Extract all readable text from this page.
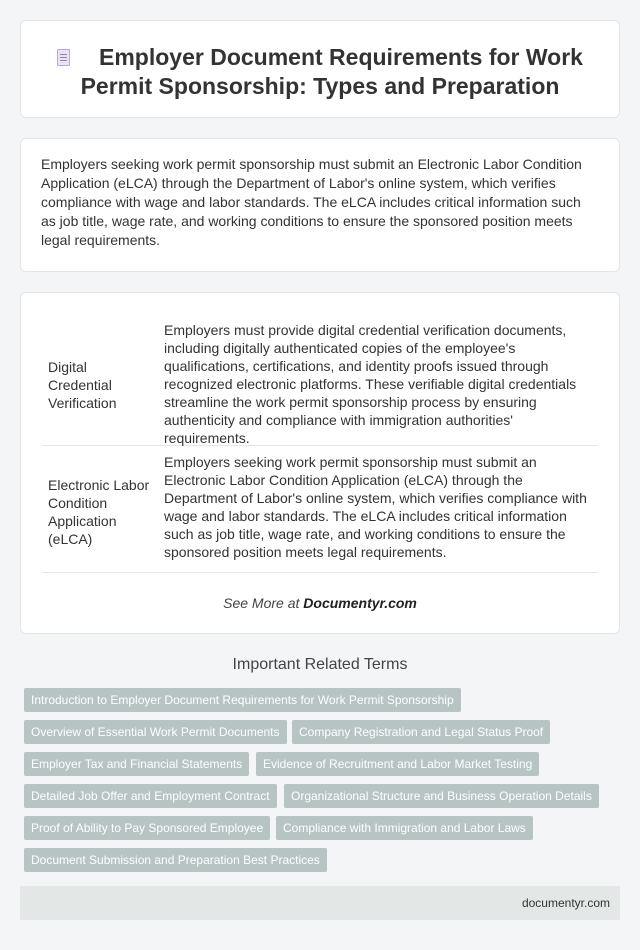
Employer Document Requirements for Work Permit Sponsorship: Types and Preparation

Employers seeking work permit sponsorship must submit an Electronic Labor Condition Application (eLCA) through the Department of Labor's online system, which verifies compliance with wage and labor standards. The eLCA includes critical information such as job title, wage rate, and working conditions to ensure the sponsored position meets legal requirements.

Digital Credential Verification
Employers must provide digital credential verification documents, including digitally authenticated copies of the employee's qualifications, certifications, and identity proofs issued through recognized electronic platforms. These verifiable digital credentials streamline the work permit sponsorship process by ensuring authenticity and compliance with immigration authorities' requirements.
Electronic Labor Condition Application (eLCA)
Employers seeking work permit sponsorship must submit an Electronic Labor Condition Application (eLCA) through the Department of Labor's online system, which verifies compliance with wage and labor standards. The eLCA includes critical information such as job title, wage rate, and working conditions to ensure the sponsored position meets legal requirements.
See More at Documentyr.com
Important Related Terms
Introduction to Employer Document Requirements for Work Permit Sponsorship
Overview of Essential Work Permit Documents	Company Registration and Legal Status Proof
Employer Tax and Financial Statements	Evidence of Recruitment and Labor Market Testing
Detailed Job Offer and Employment Contract	Organizational Structure and Business Operation Details
Proof of Ability to Pay Sponsored Employee	Compliance with Immigration and Labor Laws
Document Submission and Preparation Best Practices
documentyr.com
